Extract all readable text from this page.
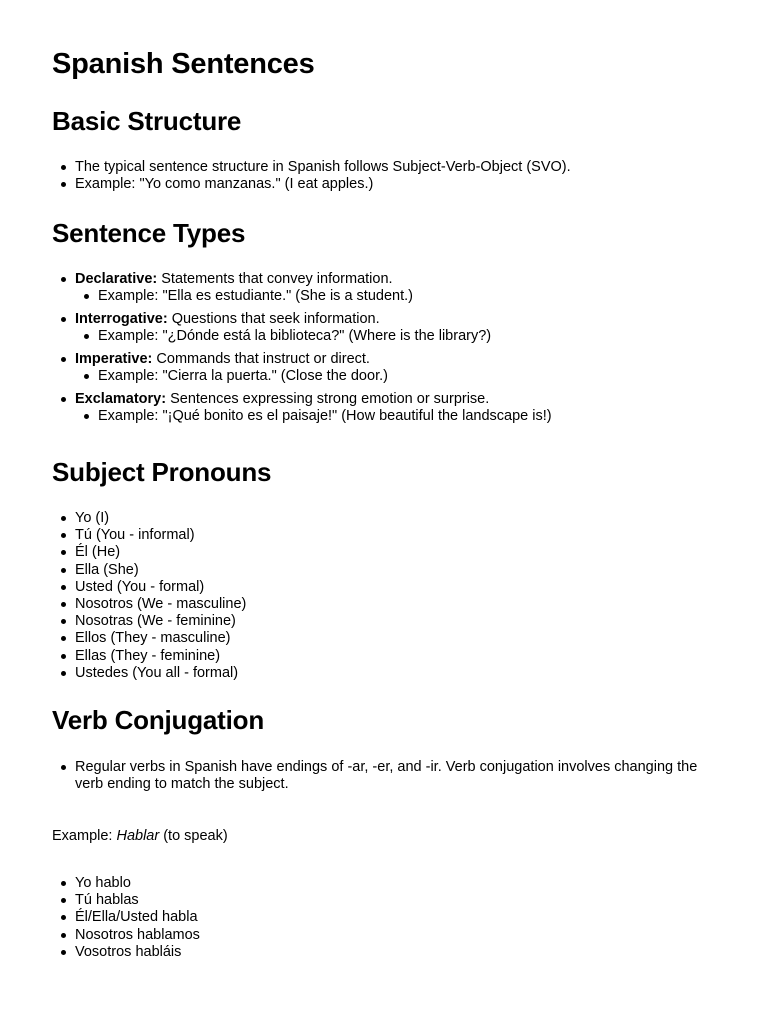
Spanish Sentences
Basic Structure
The typical sentence structure in Spanish follows Subject-Verb-Object (SVO).
Example: "Yo como manzanas." (I eat apples.)
Sentence Types
Declarative: Statements that convey information.
Example: "Ella es estudiante." (She is a student.)
Interrogative: Questions that seek information.
Example: "¿Dónde está la biblioteca?" (Where is the library?)
Imperative: Commands that instruct or direct.
Example: "Cierra la puerta." (Close the door.)
Exclamatory: Sentences expressing strong emotion or surprise.
Example: "¡Qué bonito es el paisaje!" (How beautiful the landscape is!)
Subject Pronouns
Yo (I)
Tú (You - informal)
Él (He)
Ella (She)
Usted (You - formal)
Nosotros (We - masculine)
Nosotras (We - feminine)
Ellos (They - masculine)
Ellas (They - feminine)
Ustedes (You all - formal)
Verb Conjugation
Regular verbs in Spanish have endings of -ar, -er, and -ir. Verb conjugation involves changing the verb ending to match the subject.

Example: Hablar (to speak)

Yo hablo
Tú hablas
Él/Ella/Usted habla
Nosotros hablamos
Vosotros habláis
